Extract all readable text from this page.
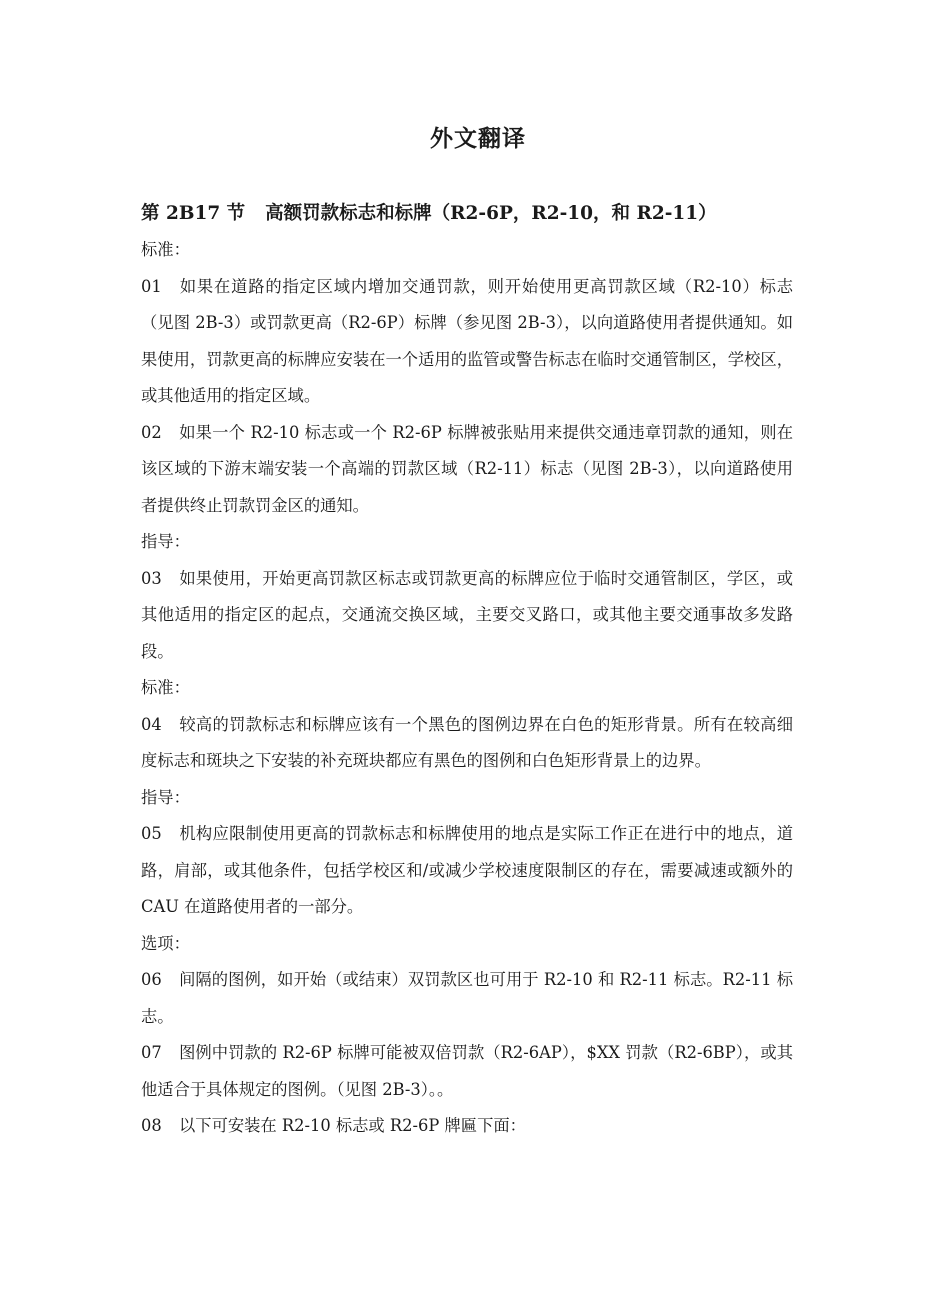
外文翻译
第 2B17 节 高额罚款标志和标牌（R2-6P，R2-10，和 R2-11）

标准：

01 如果在道路的指定区域内增加交通罚款，则开始使用更高罚款区域（R2-10）标志（见图 2B-3）或罚款更高（R2-6P）标牌（参见图 2B-3），以向道路使用者提供通知。如果使用，罚款更高的标牌应安装在一个适用的监管或警告标志在临时交通管制区，学校区，或其他适用的指定区域。

02 如果一个 R2-10 标志或一个 R2-6P 标牌被张贴用来提供交通违章罚款的通知，则在该区域的下游末端安装一个高端的罚款区域（R2-11）标志（见图 2B-3），以向道路使用者提供终止罚款罚金区的通知。

指导：

03 如果使用，开始更高罚款区标志或罚款更高的标牌应位于临时交通管制区，学区，或其他适用的指定区的起点，交通流交换区域，主要交叉路口，或其他主要交通事故多发路段。

标准：

04 较高的罚款标志和标牌应该有一个黑色的图例边界在白色的矩形背景。所有在较高细度标志和斑块之下安装的补充斑块都应有黑色的图例和白色矩形背景上的边界。

指导：

05 机构应限制使用更高的罚款标志和标牌使用的地点是实际工作正在进行中的地点，道路，肩部，或其他条件，包括学校区和/或减少学校速度限制区的存在，需要减速或额外的 CAU 在道路使用者的一部分。

选项：

06 间隔的图例，如开始（或结束）双罚款区也可用于 R2-10 和 R2-11 标志。R2-11 标志。

07 图例中罚款的 R2-6P 标牌可能被双倍罚款（R2-6AP），$XX 罚款（R2-6BP），或其他适合于具体规定的图例。（见图 2B-3）。。

08 以下可安装在 R2-10 标志或 R2-6P 牌匾下面：
